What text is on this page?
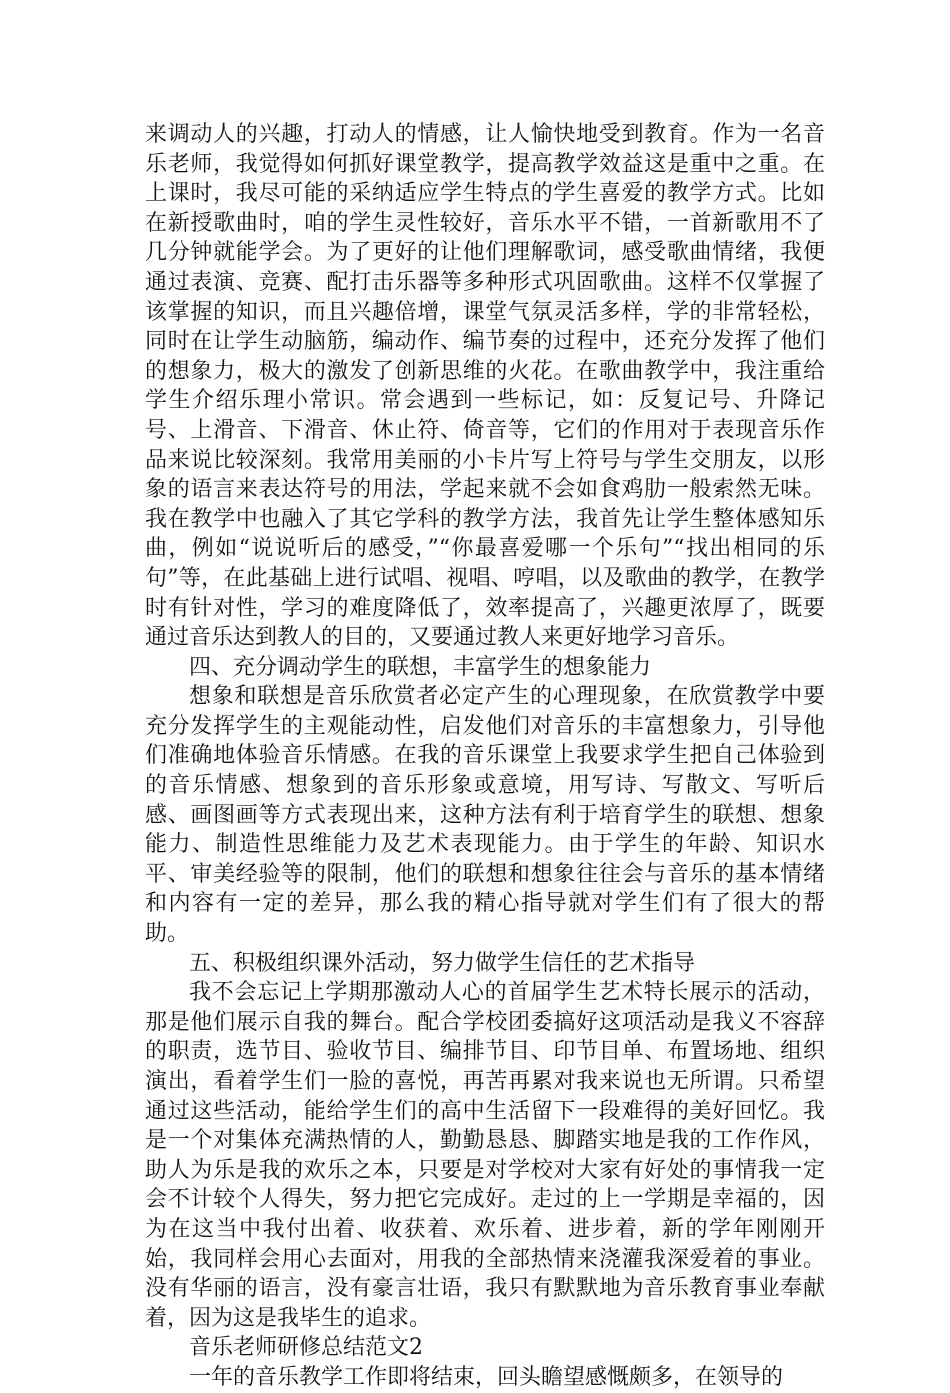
来调动人的兴趣，打动人的情感，让人愉快地受到教育。作为一名音乐老师，我觉得如何抓好课堂教学，提高教学效益这是重中之重。在上课时，我尽可能的采纳适应学生特点的学生喜爱的教学方式。比如在新授歌曲时，咱的学生灵性较好，音乐水平不错，一首新歌用不了几分钟就能学会。为了更好的让他们理解歌词，感受歌曲情绪，我便通过表演、竞赛、配打击乐器等多种形式巩固歌曲。这样不仅掌握了该掌握的知识，而且兴趣倍增，课堂气氛灵活多样，学的非常轻松，同时在让学生动脑筋，编动作、编节奏的过程中，还充分发挥了他们的想象力，极大的激发了创新思维的火花。在歌曲教学中，我注重给学生介绍乐理小常识。常会遇到一些标记，如：反复记号、升降记号、上滑音、下滑音、休止符、倚音等，它们的作用对于表现音乐作品来说比较深刻。我常用美丽的小卡片写上符号与学生交朋友，以形象的语言来表达符号的用法，学起来就不会如食鸡肋一般索然无味。我在教学中也融入了其它学科的教学方法，我首先让学生整体感知乐曲，例如“说说听后的感受，”“你最喜爱哪一个乐句”“找出相同的乐句”等，在此基础上进行试唱、视唱、哼唱，以及歌曲的教学，在教学时有针对性，学习的难度降低了，效率提高了，兴趣更浓厚了，既要通过音乐达到教人的目的，又要通过教人来更好地学习音乐。

四、充分调动学生的联想，丰富学生的想象能力

想象和联想是音乐欣赏者必定产生的心理现象，在欣赏教学中要充分发挥学生的主观能动性，启发他们对音乐的丰富想象力，引导他们准确地体验音乐情感。在我的音乐课堂上我要求学生把自己体验到的音乐情感、想象到的音乐形象或意境，用写诗、写散文、写听后感、画图画等方式表现出来，这种方法有利于培育学生的联想、想象能力、制造性思维能力及艺术表现能力。由于学生的年龄、知识水平、审美经验等的限制，他们的联想和想象往往会与音乐的基本情绪和内容有一定的差异，那么我的精心指导就对学生们有了很大的帮助。

五、积极组织课外活动，努力做学生信任的艺术指导

我不会忘记上学期那激动人心的首届学生艺术特长展示的活动，那是他们展示自我的舞台。配合学校团委搞好这项活动是我义不容辞的职责，选节目、验收节目、编排节目、印节目单、布置场地、组织演出，看着学生们一脸的喜悦，再苦再累对我来说也无所谓。只希望通过这些活动，能给学生们的高中生活留下一段难得的美好回忆。我是一个对集体充满热情的人，勤勤恳恳、脚踏实地是我的工作作风，助人为乐是我的欢乐之本，只要是对学校对大家有好处的事情我一定会不计较个人得失，努力把它完成好。走过的上一学期是幸福的，因为在这当中我付出着、收获着、欢乐着、进步着，新的学年刚刚开始，我同样会用心去面对，用我的全部热情来浇灌我深爱着的事业。没有华丽的语言，没有豪言壮语，我只有默默地为音乐教育事业奉献着，因为这是我毕生的追求。

音乐老师研修总结范文2

一年的音乐教学工作即将结束，回头瞻望感慨颇多，在领导的
